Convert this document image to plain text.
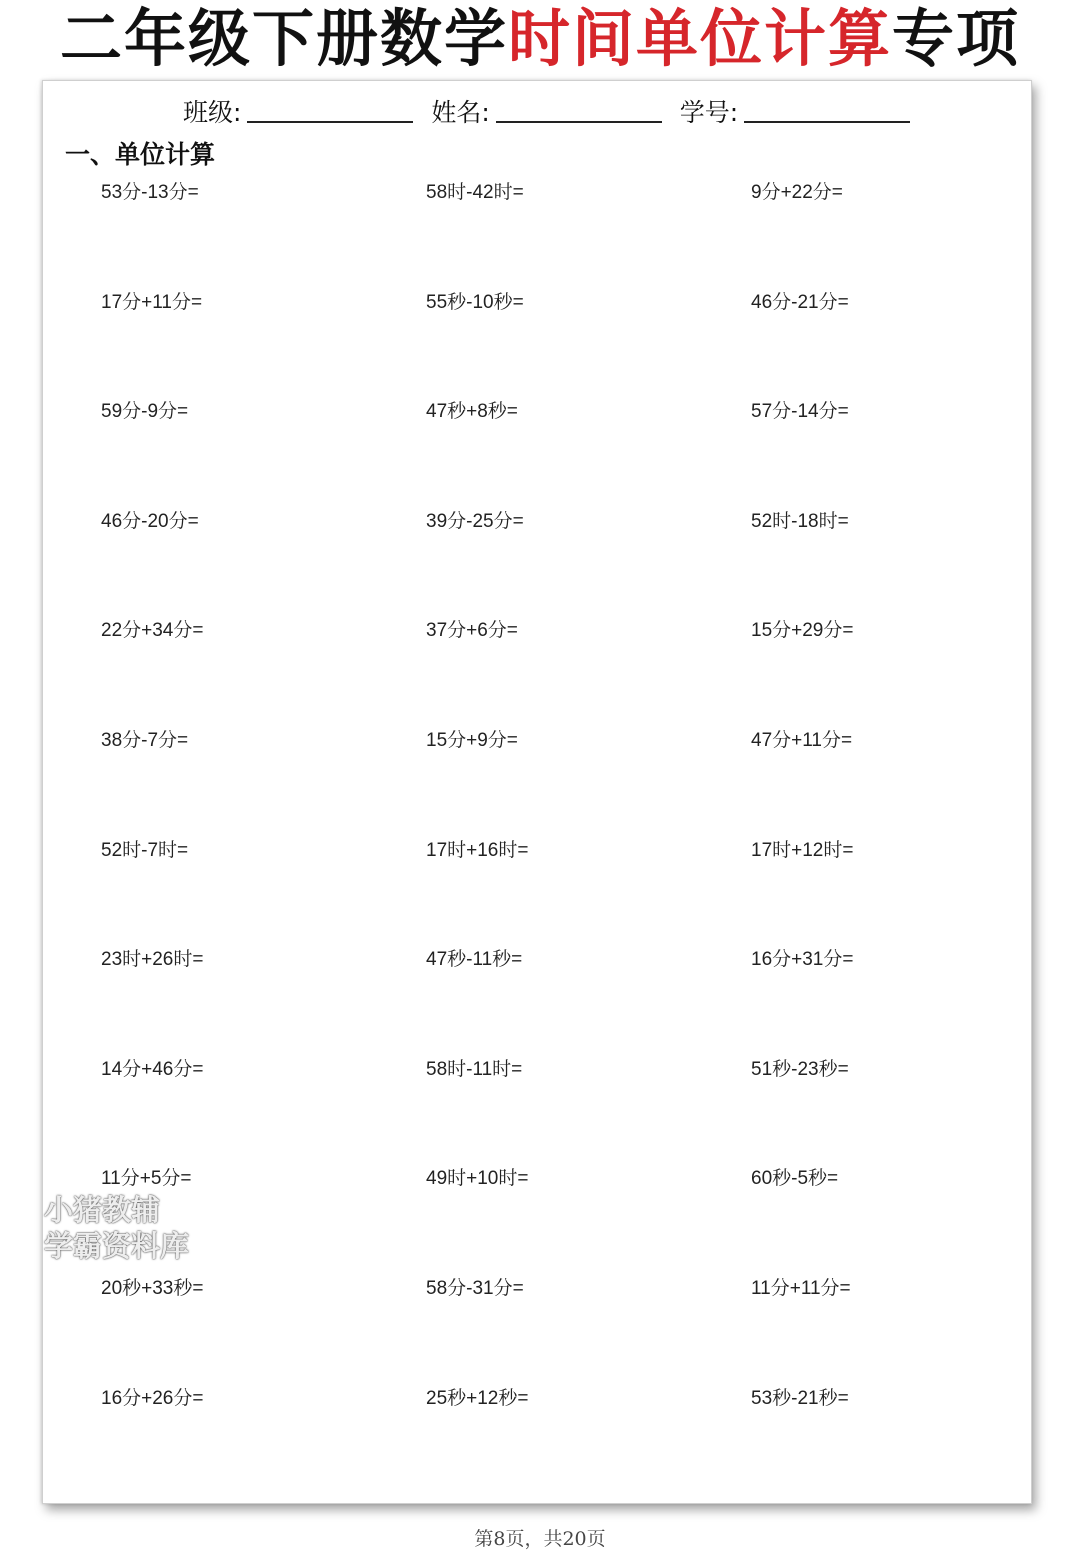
二年级下册数学时间单位计算专项
班级:	姓名:	学号:
一、单位计算
53分-13分=	58时-42时=	9分+22分=
17分+11分=	55秒-10秒=	46分-21分=
59分-9分=	47秒+8秒=	57分-14分=
46分-20分=	39分-25分=	52时-18时=
22分+34分=	37分+6分=	15分+29分=
38分-7分=	15分+9分=	47分+11分=
52时-7时=	17时+16时=	17时+12时=
23时+26时=	47秒-11秒=	16分+31分=
14分+46分=	58时-11时=	51秒-23秒=
11分+5分=	49时+10时=	60秒-5秒=
20秒+33秒=	58分-31分=	11分+11分=
16分+26分=	25秒+12秒=	53秒-21秒=
小猪教辅
学霸资料库
第8页，共20页
